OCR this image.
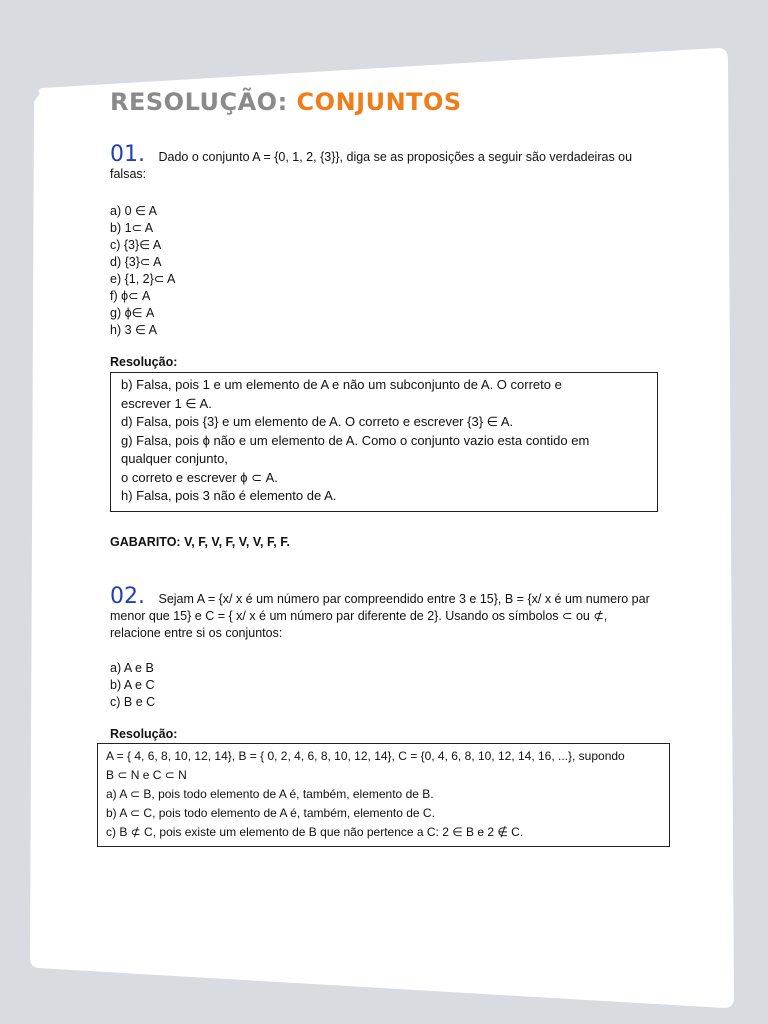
RESOLUÇÃO: CONJUNTOS
01. Dado o conjunto A = {0, 1, 2, {3}}, diga se as proposições a seguir são verdadeiras ou falsas:
a) 0 ∈ A
b) 1⊂ A
c) {3}∈ A
d) {3}⊂ A
e) {1, 2}⊂ A
f) ϕ⊂ A
g) ϕ∈ A
h) 3 ∈ A
Resolução:
b) Falsa, pois 1 e um elemento de A e não um subconjunto de A. O correto e
escrever 1 ∈ A.
d) Falsa, pois {3} e um elemento de A. O correto e escrever {3} ∈ A.
g) Falsa, pois ϕ não e um elemento de A. Como o conjunto vazio esta contido em
qualquer conjunto,
o correto e escrever ϕ ⊂ A.
h) Falsa, pois 3 não é elemento de A.
GABARITO: V, F, V, F, V, V, F, F.
02. Sejam A = {x/ x é um número par compreendido entre 3 e 15}, B = {x/ x é um numero par menor que 15} e C = { x/ x é um número par diferente de 2}. Usando os símbolos ⊂ ou ⊄, relacione entre si os conjuntos:
a) A e B
b) A e C
c) B e C
Resolução:
A = { 4, 6, 8, 10, 12, 14}, B = { 0, 2, 4, 6, 8, 10, 12, 14}, C = {0, 4, 6, 8, 10, 12, 14, 16, ...}, supondo
B ⊂ N e C ⊂ N
a) A ⊂ B, pois todo elemento de A é, também, elemento de B.
b) A ⊂ C, pois todo elemento de A é, também, elemento de C.
c) B ⊄ C, pois existe um elemento de B que não pertence a C: 2 ∈ B e 2 ∉ C.
